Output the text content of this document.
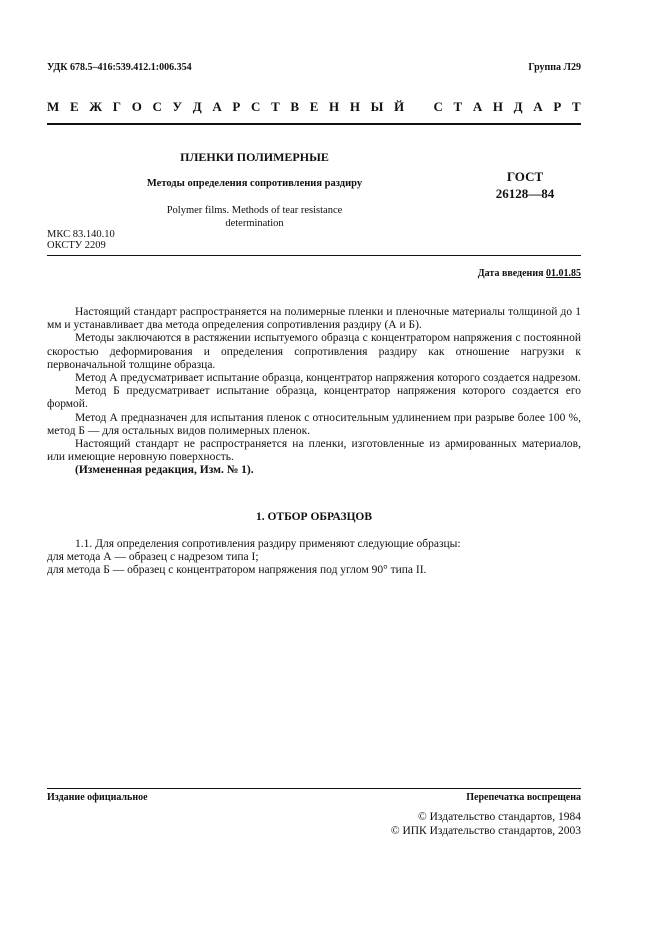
УДК 678.5–416:539.412.1:006.354	Группа Л29
М Е Ж Г О С У Д А Р С Т В Е Н Н Ы Й С Т А Н Д А Р Т
ПЛЕНКИ ПОЛИМЕРНЫЕ
Методы определения сопротивления раздиру
Polymer films. Methods of tear resistance
determination
ГОСТ
26128—84
МКС 83.140.10
ОКСТУ 2209
Дата введения 01.01.85

Настоящий стандарт распространяется на полимерные пленки и пленочные материалы толщиной до 1 мм и устанавливает два метода определения сопротивления раздиру (А и Б).

Методы заключаются в растяжении испытуемого образца с концентратором напряжения с постоянной скоростью деформирования и определения сопротивления раздиру как отношение нагрузки к первоначальной толщине образца.

Метод А предусматривает испытание образца, концентратор напряжения которого создается надрезом.

Метод Б предусматривает испытание образца, концентратор напряжения которого создается его формой.

Метод А предназначен для испытания пленок с относительным удлинением при разрыве более 100 %, метод Б — для остальных видов полимерных пленок.

Настоящий стандарт не распространяется на пленки, изготовленные из армированных материалов, или имеющие неровную поверхность.

(Измененная редакция, Изм. № 1).

1. ОТБОР ОБРАЗЦОВ

1.1. Для определения сопротивления раздиру применяют следующие образцы:

для метода А — образец с надрезом типа I;

для метода Б — образец с концентратором напряжения под углом 90° типа II.

Издание официальное	Перепечатка воспрещена
© Издательство стандартов, 1984
© ИПК Издательство стандартов, 2003
